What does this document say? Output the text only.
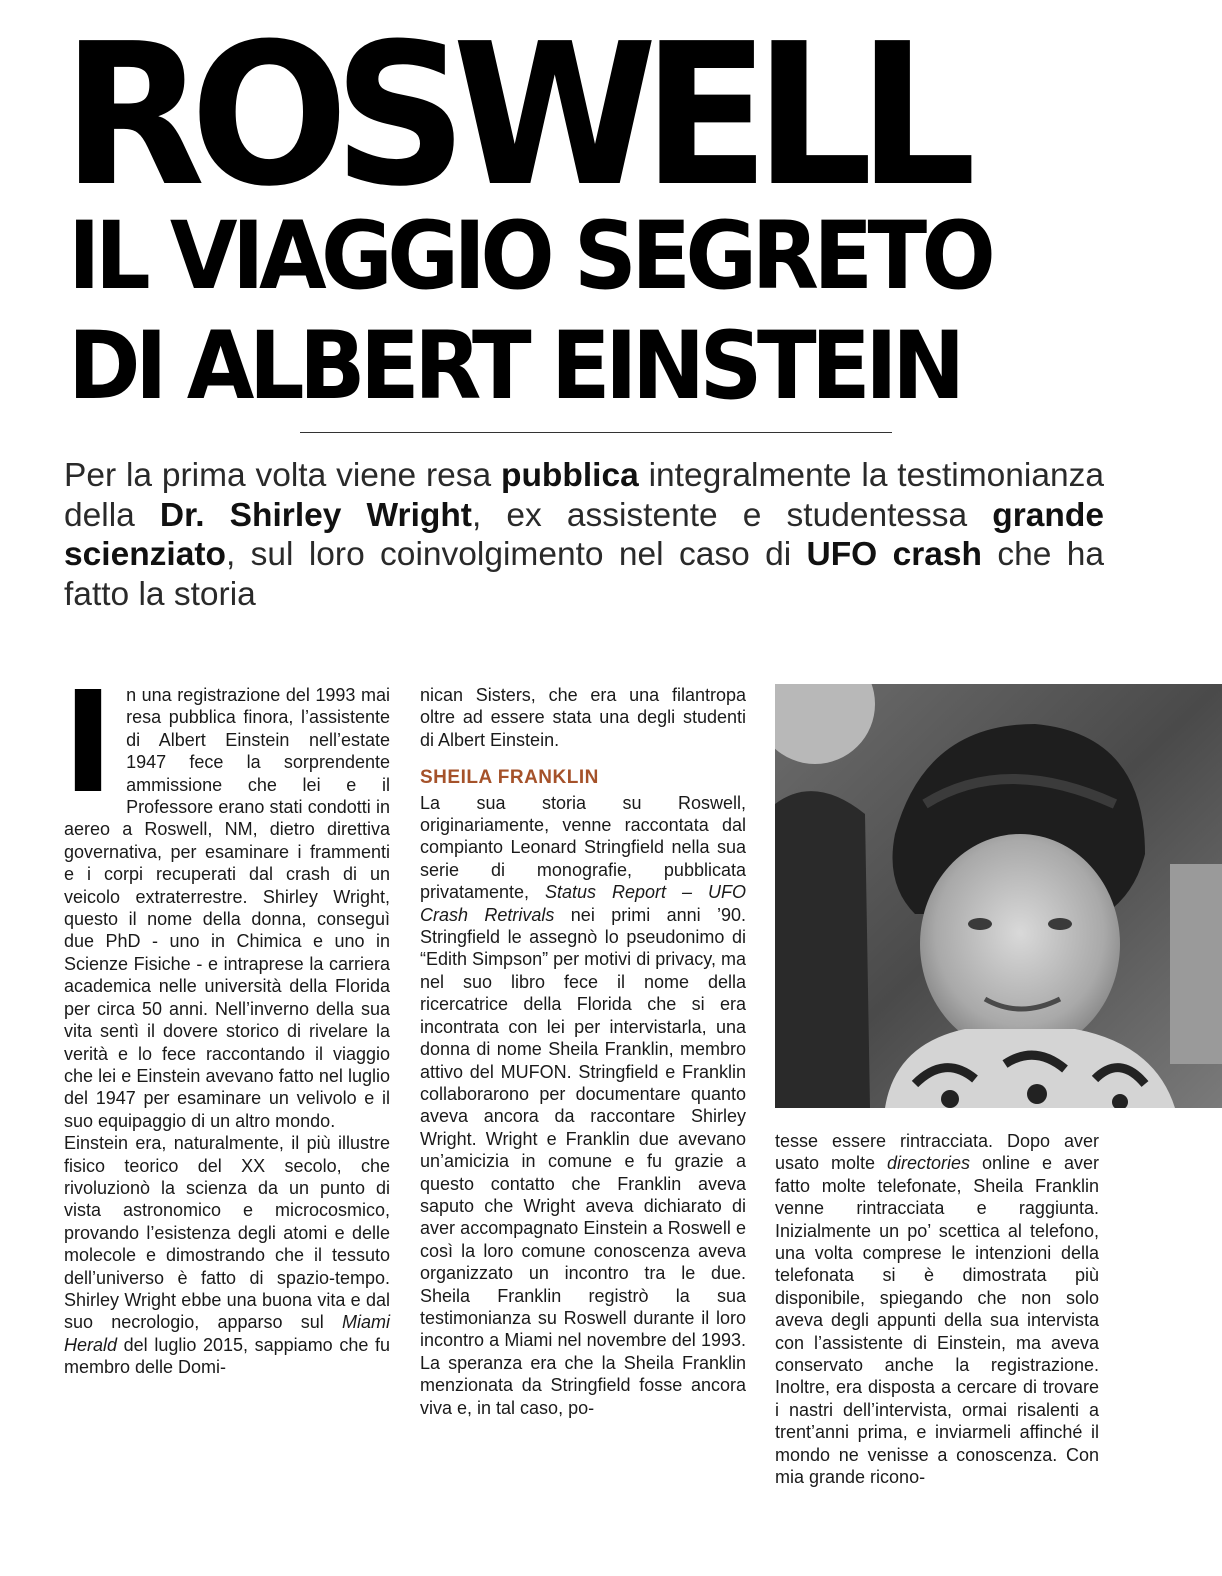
ROSWELL
IL VIAGGIO SEGRETO
DI ALBERT EINSTEIN

Per la prima volta viene resa pubblica integralmente la testimonianza della Dr. Shirley Wright, ex assistente e studentessa grande scienziato, sul loro coinvolgimento nel caso di UFO crash che ha fatto la storia

I n una registrazione del 1993 mai resa pubblica finora, l’assistente di Albert Einstein nell’estate 1947 fece la sorprendente ammissione che lei e il Professore erano stati condotti in aereo a Roswell, NM, dietro direttiva governativa, per esaminare i frammenti e i corpi recuperati dal crash di un veicolo extraterrestre. Shirley Wright, questo il nome della donna, conseguì due PhD - uno in Chimica e uno in Scienze Fisiche - e intraprese la carriera academica nelle università della Florida per circa 50 anni. Nell’inverno della sua vita sentì il dovere storico di rivelare la verità e lo fece raccontando il viaggio che lei e Einstein avevano fatto nel luglio del 1947 per esaminare un velivolo e il suo equipaggio di un altro mondo.

Einstein era, naturalmente, il più illustre fisico teorico del XX secolo, che rivoluzionò la scienza da un punto di vista astronomico e microcosmico, provando l’esistenza degli atomi e delle molecole e dimostrando che il tessuto dell’universo è fatto di spazio-tempo. Shirley Wright ebbe una buona vita e dal suo necrologio, apparso sul Miami Herald del luglio 2015, sappiamo che fu membro delle Domi-

nican Sisters, che era una filantropa oltre ad essere stata una degli studenti di Albert Einstein.

SHEILA FRANKLIN

La sua storia su Roswell, originariamente, venne raccontata dal compianto Leonard Stringfield nella sua serie di monografie, pubblicata privatamente, Status Report – UFO Crash Retrivals nei primi anni ’90. Stringfield le assegnò lo pseudonimo di “Edith Simpson” per motivi di privacy, ma nel suo libro fece il nome della ricercatrice della Florida che si era incontrata con lei per intervistarla, una donna di nome Sheila Franklin, membro attivo del MUFON. Stringfield e Franklin collaborarono per documentare quanto aveva ancora da raccontare Shirley Wright. Wright e Franklin due avevano un’amicizia in comune e fu grazie a questo contatto che Franklin aveva saputo che Wright aveva dichiarato di aver accompagnato Einstein a Roswell e così la loro comune conoscenza aveva organizzato un incontro tra le due. Sheila Franklin registrò la sua testimonianza su Roswell durante il loro incontro a Miami nel novembre del 1993. La speranza era che la Sheila Franklin menzionata da Stringfield fosse ancora viva e, in tal caso, po-

tesse essere rintracciata. Dopo aver usato molte directories online e aver fatto molte telefonate, Sheila Franklin venne rintracciata e raggiunta. Inizialmente un po’ scettica al telefono, una volta comprese le intenzioni della telefonata si è dimostrata più disponibile, spiegando che non solo aveva degli appunti della sua intervista con l’assistente di Einstein, ma aveva conservato anche la registrazione. Inoltre, era disposta a cercare di trovare i nastri dell’intervista, ormai risalenti a trent’anni prima, e inviarmeli affinché il mondo ne venisse a conoscenza. Con mia grande ricono-
